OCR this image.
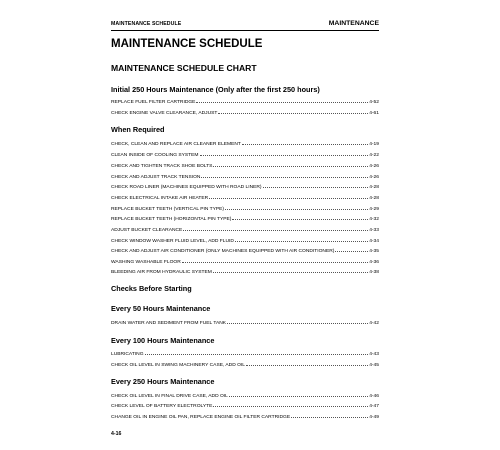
MAINTENANCE SCHEDULE	MAINTENANCE
MAINTENANCE SCHEDULE
MAINTENANCE SCHEDULE CHART
Initial 250 Hours Maintenance (Only after the first 250 hours)
REPLACE FUEL FILTER CARTRIDGE	4-52
CHECK ENGINE VALVE CLEARANCE, ADJUST	4-61
When Required
CHECK, CLEAN AND REPLACE AIR CLEANER ELEMENT	4-19
CLEAN INSIDE OF COOLING SYSTEM	4-22
CHECK AND TIGHTEN TRACK SHOE BOLTS	4-26
CHECK AND ADJUST TRACK TENSION	4-26
CHECK ROAD LINER (MACHINES EQUIPPED WITH ROAD LINER)	4-28
CHECK ELECTRICAL INTAKE AIR HEATER	4-28
REPLACE BUCKET TEETH (VERTICAL PIN TYPE)	4-29
REPLACE BUCKET TEETH (HORIZONTAL PIN TYPE)	4-32
ADJUST BUCKET CLEARANCE	4-33
CHECK WINDOW WASHER FLUID LEVEL, ADD FLUID	4-34
CHECK AND ADJUST AIR CONDITIONER (ONLY MACHINES EQUIPPED WITH AIR CONDITIONER)	4-35
WASHING WASHABLE FLOOR	4-36
BLEEDING AIR FROM HYDRAULIC SYSTEM	4-38
Checks Before Starting
Every 50 Hours Maintenance
DRAIN WATER AND SEDIMENT FROM FUEL TANK	4-42
Every 100 Hours Maintenance
LUBRICATING	4-43
CHECK OIL LEVEL IN SWING MACHINERY CASE, ADD OIL	4-45
Every 250 Hours Maintenance
CHECK OIL LEVEL IN FINAL DRIVE CASE, ADD OIL	4-46
CHECK LEVEL OF BATTERY ELECTROLYTE	4-47
CHANGE OIL IN ENGINE OIL PAN, REPLACE ENGINE OIL FILTER CARTRIDGE	4-49
4-16
